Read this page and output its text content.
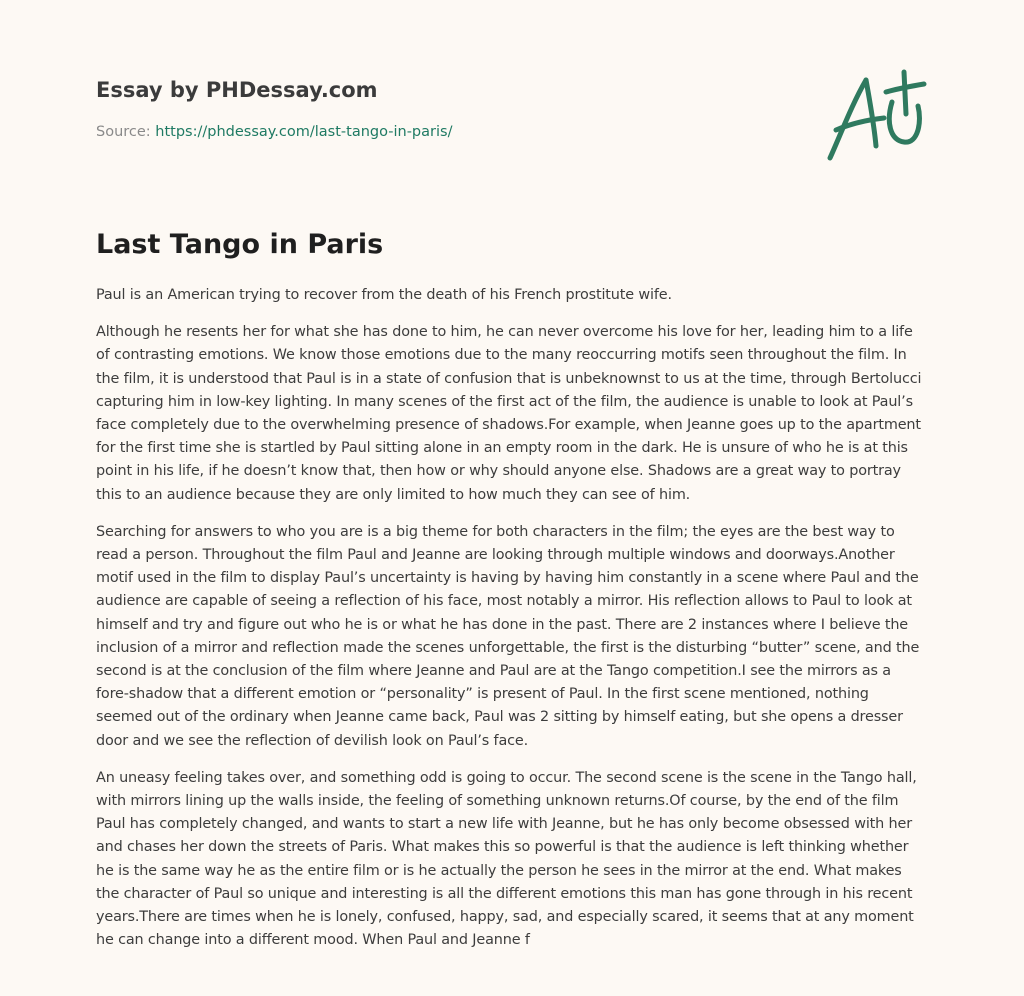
Essay by PHDessay.com
Source: https://phdessay.com/last-tango-in-paris/
Last Tango in Paris

Paul is an American trying to recover from the death of his French prostitute wife.

Although he resents her for what she has done to him, he can never overcome his love for her, leading him to a life of contrasting emotions. We know those emotions due to the many reoccurring motifs seen throughout the film. In the film, it is understood that Paul is in a state of confusion that is unbeknownst to us at the time, through Bertolucci capturing him in low-key lighting. In many scenes of the first act of the film, the audience is unable to look at Paul’s face completely due to the overwhelming presence of shadows.For example, when Jeanne goes up to the apartment for the first time she is startled by Paul sitting alone in an empty room in the dark. He is unsure of who he is at this point in his life, if he doesn’t know that, then how or why should anyone else. Shadows are a great way to portray this to an audience because they are only limited to how much they can see of him.

Searching for answers to who you are is a big theme for both characters in the film; the eyes are the best way to read a person. Throughout the film Paul and Jeanne are looking through multiple windows and doorways.Another motif used in the film to display Paul’s uncertainty is having by having him constantly in a scene where Paul and the audience are capable of seeing a reflection of his face, most notably a mirror. His reflection allows to Paul to look at himself and try and figure out who he is or what he has done in the past. There are 2 instances where I believe the inclusion of a mirror and reflection made the scenes unforgettable, the first is the disturbing “butter” scene, and the second is at the conclusion of the film where Jeanne and Paul are at the Tango competition.I see the mirrors as a fore-shadow that a different emotion or “personality” is present of Paul. In the first scene mentioned, nothing seemed out of the ordinary when Jeanne came back, Paul was 2 sitting by himself eating, but she opens a dresser door and we see the reflection of devilish look on Paul’s face.

An uneasy feeling takes over, and something odd is going to occur. The second scene is the scene in the Tango hall, with mirrors lining up the walls inside, the feeling of something unknown returns.Of course, by the end of the film Paul has completely changed, and wants to start a new life with Jeanne, but he has only become obsessed with her and chases her down the streets of Paris. What makes this so powerful is that the audience is left thinking whether he is the same way he as the entire film or is he actually the person he sees in the mirror at the end. What makes the character of Paul so unique and interesting is all the different emotions this man has gone through in his recent years.There are times when he is lonely, confused, happy, sad, and especially scared, it seems that at any moment he can change into a different mood. When Paul and Jeanne f
